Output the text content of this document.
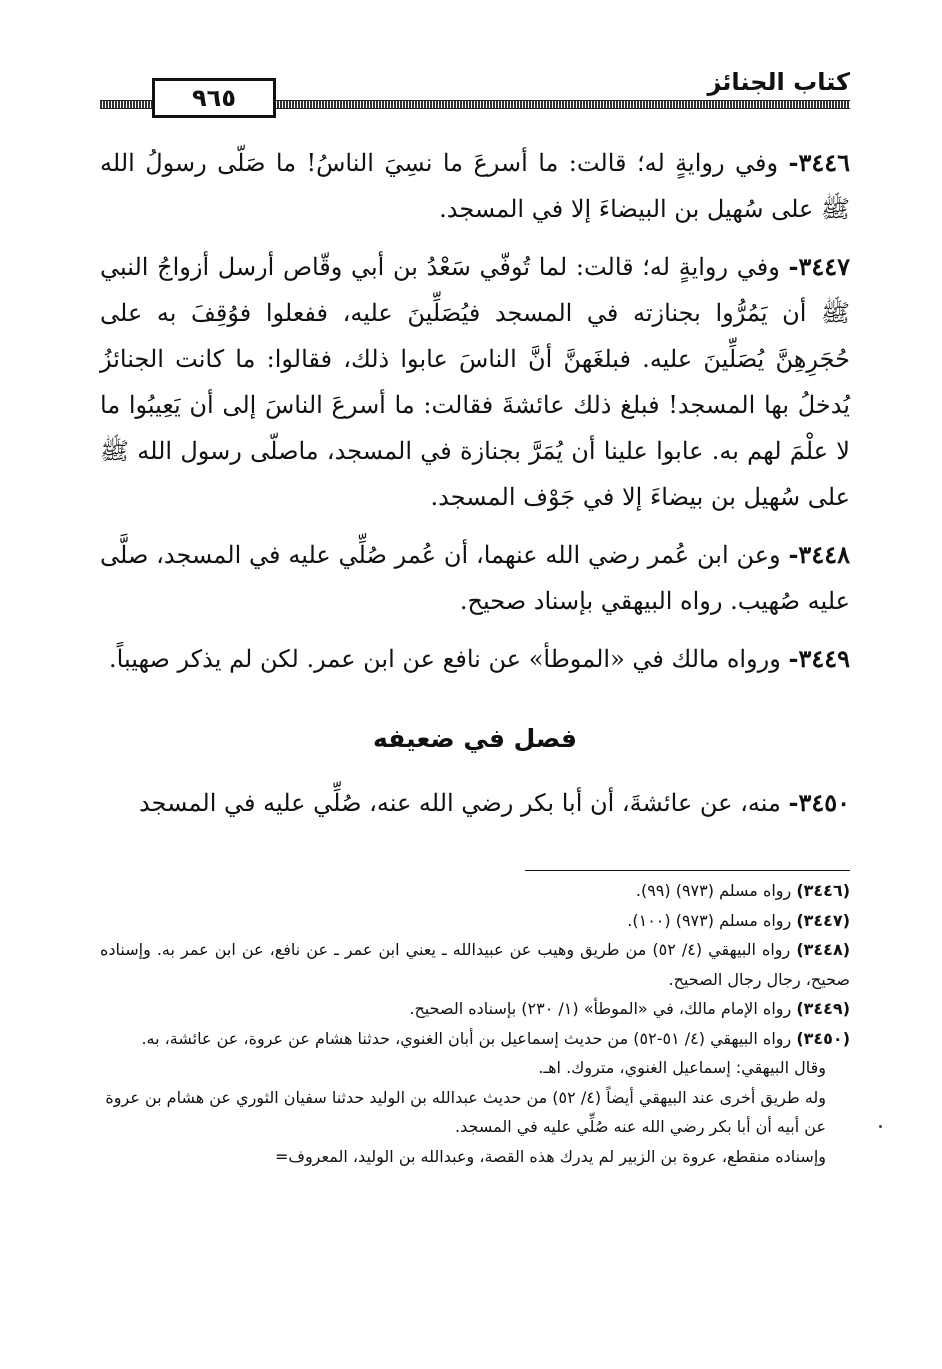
٩٦٥
كتاب الجنائز

٣٤٤٦- وفي روايةٍ له؛ قالت: ما أسرعَ ما نسِيَ الناسُ! ما صَلّى رسولُ الله ﷺ على سُهيل بن البيضاءَ إلا في المسجد.

٣٤٤٧- وفي روايةٍ له؛ قالت: لما تُوفّي سَعْدُ بن أبي وقّاص أرسل أزواجُ النبي ﷺ أن يَمُرُّوا بجنازته في المسجد فيُصَلِّينَ عليه، ففعلوا فوُقِفَ به على حُجَرِهِنَّ يُصَلِّينَ عليه. فبلغَهنَّ أنَّ الناسَ عابوا ذلك، فقالوا: ما كانت الجنائزُ يُدخلُ بها المسجد! فبلغ ذلك عائشةَ فقالت: ما أسرعَ الناسَ إلى أن يَعِيبُوا ما لا علْمَ لهم به. عابوا علينا أن يُمَرَّ بجنازة في المسجد، ماصلّى رسول الله ﷺ على سُهيل بن بيضاءَ إلا في جَوْف المسجد.

٣٤٤٨- وعن ابن عُمر رضي الله عنهما، أن عُمر صُلِّي عليه في المسجد، صلَّى عليه صُهيب. رواه البيهقي بإسناد صحيح.

٣٤٤٩- ورواه مالك في «الموطأ» عن نافع عن ابن عمر. لكن لم يذكر صهيباً.

فصل في ضعيفه

٣٤٥٠- منه، عن عائشةَ، أن أبا بكر رضي الله عنه، صُلِّي عليه في المسجد

(٣٤٤٦) رواه مسلم (٩٧٣) (٩٩).

(٣٤٤٧) رواه مسلم (٩٧٣) (١٠٠).

(٣٤٤٨) رواه البيهقي (٤/ ٥٢) من طريق وهيب عن عبيدالله ـ يعني ابن عمر ـ عن نافع، عن ابن عمر به. وإسناده صحيح، رجال رجال الصحيح.

(٣٤٤٩) رواه الإمام مالك، في «الموطأ» (١/ ٢٣٠) بإسناده الصحيح.

(٣٤٥٠) رواه البيهقي (٤/ ٥١-٥٢) من حديث إسماعيل بن أبان الغنوي، حدثنا هشام عن عروة، عن عائشة، به.

وقال البيهقي: إسماعيل الغنوي، متروك. اهـ.

وله طريق أخرى عند البيهقي أيضاً (٤/ ٥٢) من حديث عبدالله بن الوليد حدثنا سفيان الثوري عن هشام بن عروة عن أبيه أن أبا بكر رضي الله عنه صُلِّي عليه في المسجد.

وإسناده منقطع، عروة بن الزبير لم يدرك هذه القصة، وعبدالله بن الوليد، المعروف=
